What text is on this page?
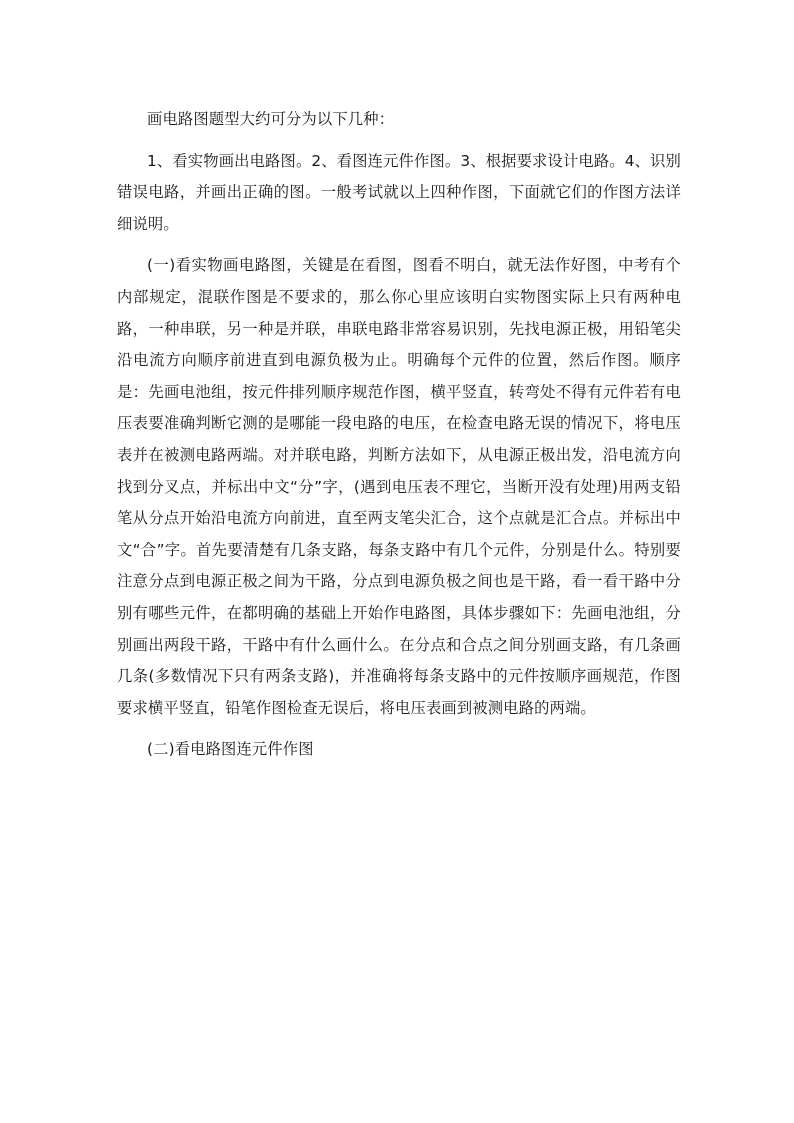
画电路图题型大约可分为以下几种：

1、看实物画出电路图。2、看图连元件作图。3、根据要求设计电路。4、识别错误电路，并画出正确的图。一般考试就以上四种作图，下面就它们的作图方法详细说明。

(一)看实物画电路图，关键是在看图，图看不明白，就无法作好图，中考有个内部规定，混联作图是不要求的，那么你心里应该明白实物图实际上只有两种电路，一种串联，另一种是并联，串联电路非常容易识别，先找电源正极，用铅笔尖沿电流方向顺序前进直到电源负极为止。明确每个元件的位置，然后作图。顺序是：先画电池组，按元件排列顺序规范作图，横平竖直，转弯处不得有元件若有电压表要准确判断它测的是哪能一段电路的电压，在检查电路无误的情况下，将电压表并在被测电路两端。对并联电路，判断方法如下，从电源正极出发，沿电流方向找到分叉点，并标出中文“分”字，(遇到电压表不理它，当断开没有处理)用两支铅笔从分点开始沿电流方向前进，直至两支笔尖汇合，这个点就是汇合点。并标出中文“合”字。首先要清楚有几条支路，每条支路中有几个元件，分别是什么。特别要注意分点到电源正极之间为干路，分点到电源负极之间也是干路，看一看干路中分别有哪些元件，在都明确的基础上开始作电路图，具体步骤如下：先画电池组，分别画出两段干路，干路中有什么画什么。在分点和合点之间分别画支路，有几条画几条(多数情况下只有两条支路)，并准确将每条支路中的元件按顺序画规范，作图要求横平竖直，铅笔作图检查无误后，将电压表画到被测电路的两端。

(二)看电路图连元件作图
